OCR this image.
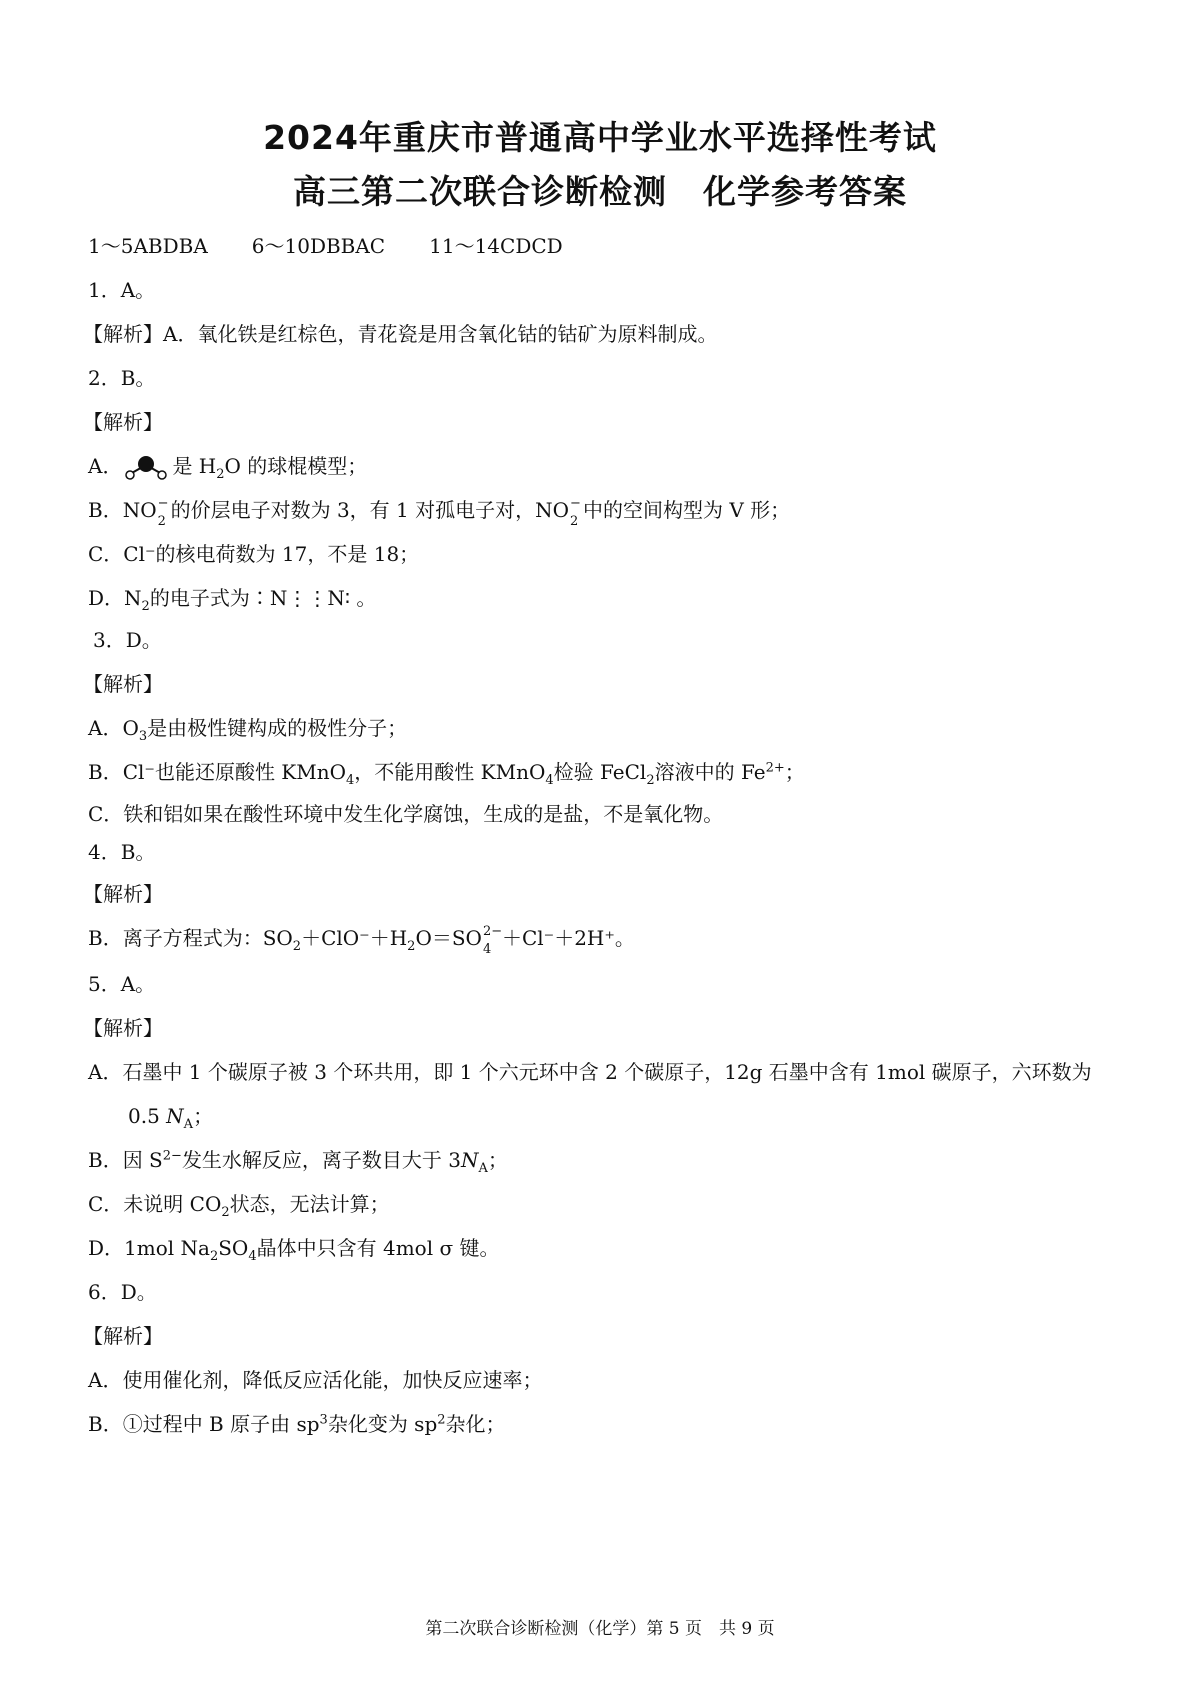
2024年重庆市普通高中学业水平选择性考试
高三第二次联合诊断检测 化学参考答案
1～5ABDBA 6～10DBBAC 11～14CDCD
1．A。
【解析】A．氧化铁是红棕色，青花瓷是用含氧化钴的钴矿为原料制成。
2．B。
【解析】
A．	是 $H_2O$ 的球棍模型；
B．NO −
2 的价层电子对数为 3，有 1 对孤电子对，NO −
2 中的空间构型为 V 形；
C．Cl⁻的核电荷数为 17，不是 18；
D．$N_2$的电子式为∶N⋮⋮N∶ 。
3．D。
【解析】
A．$O_3$是由极性键构成的极性分子；
B．Cl⁻也能还原酸性 KMnO$_4$，不能用酸性 KMnO$_4$检验 FeCl$_2$溶液中的 $Fe^{2+}$；
C．铁和铝如果在酸性环境中发生化学腐蚀，生成的是盐，不是氧化物。
4．B。
【解析】
B．离子方程式为：$SO_2+ClO^-+H_2O=SO$ 2−
4 ＋Cl⁻＋2H⁺。
5．A。
【解析】
A．石墨中 1 个碳原子被 3 个环共用，即 1 个六元环中含 2 个碳原子，12g 石墨中含有 1mol 碳原子，六环数为
0.5 $N_A$；
B．因 $S^{2-}$发生水解反应，离子数目大于 $3N_A$；
C．未说明 $CO_2$状态，无法计算；
D．1mol $Na_2SO_4$晶体中只含有 4mol σ 键。
6．D。
【解析】
A．使用催化剂，降低反应活化能，加快反应速率；
B．①过程中 B 原子由 $sp^3$杂化变为 $sp^2$杂化；
第二次联合诊断检测（化学）第 5 页　共 9 页
